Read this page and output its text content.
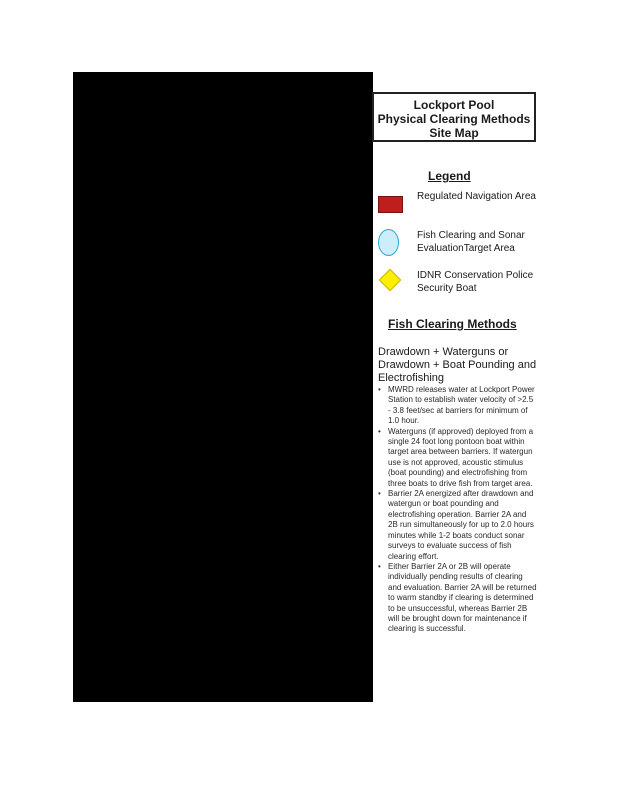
Lockport Pool
Physical Clearing Methods
Site Map
Legend
Regulated Navigation Area
Fish Clearing and Sonar EvaluationTarget Area
IDNR Conservation Police Security Boat
Fish Clearing Methods
Drawdown + Waterguns or Drawdown + Boat Pounding and Electrofishing
• MWRD releases water at Lockport Power Station to establish water velocity of >2.5 - 3.8 feet/sec at barriers for minimum of 1.0 hour.
• Waterguns (if approved) deployed from a single 24 foot long pontoon boat within target area between barriers. If watergun use is not approved, acoustic stimulus (boat pounding) and electrofishing from three boats to drive fish from target area.
• Barrier 2A energized after drawdown and watergun or boat pounding and electrofishing operation. Barrier 2A and 2B run simultaneously for up to 2.0 hours minutes while 1-2 boats conduct sonar surveys to evaluate success of fish clearing effort.
• Either Barrier 2A or 2B will operate individually pending results of clearing and evaluation. Barrier 2A will be returned to warm standby if clearing is determined to be unsuccessful, whereas Barrier 2B will be brought down for maintenance if clearing is successful.
